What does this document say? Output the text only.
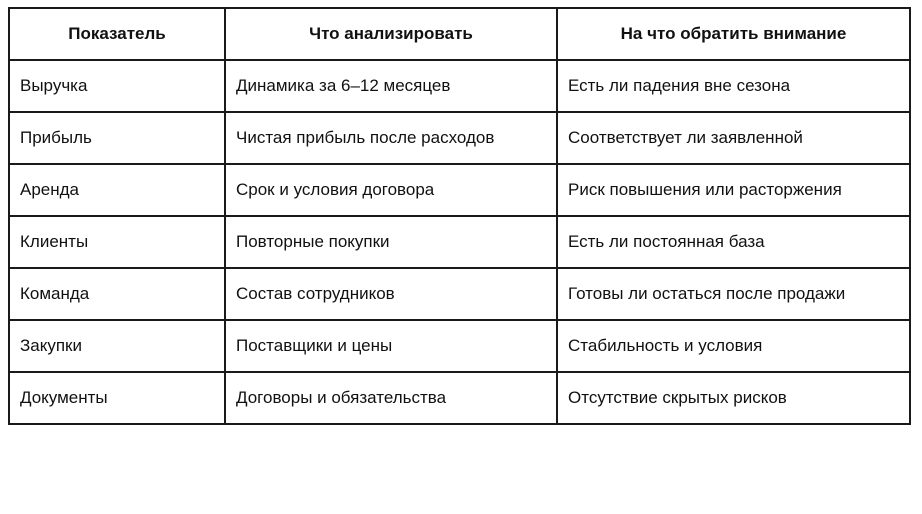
Показатель	Что анализировать	На что обратить внимание
Выручка	Динамика за 6–12 месяцев	Есть ли падения вне сезона
Прибыль	Чистая прибыль после расходов	Соответствует ли заявленной
Аренда	Срок и условия договора	Риск повышения или расторжения
Клиенты	Повторные покупки	Есть ли постоянная база
Команда	Состав сотрудников	Готовы ли остаться после продажи
Закупки	Поставщики и цены	Стабильность и условия
Документы	Договоры и обязательства	Отсутствие скрытых рисков
